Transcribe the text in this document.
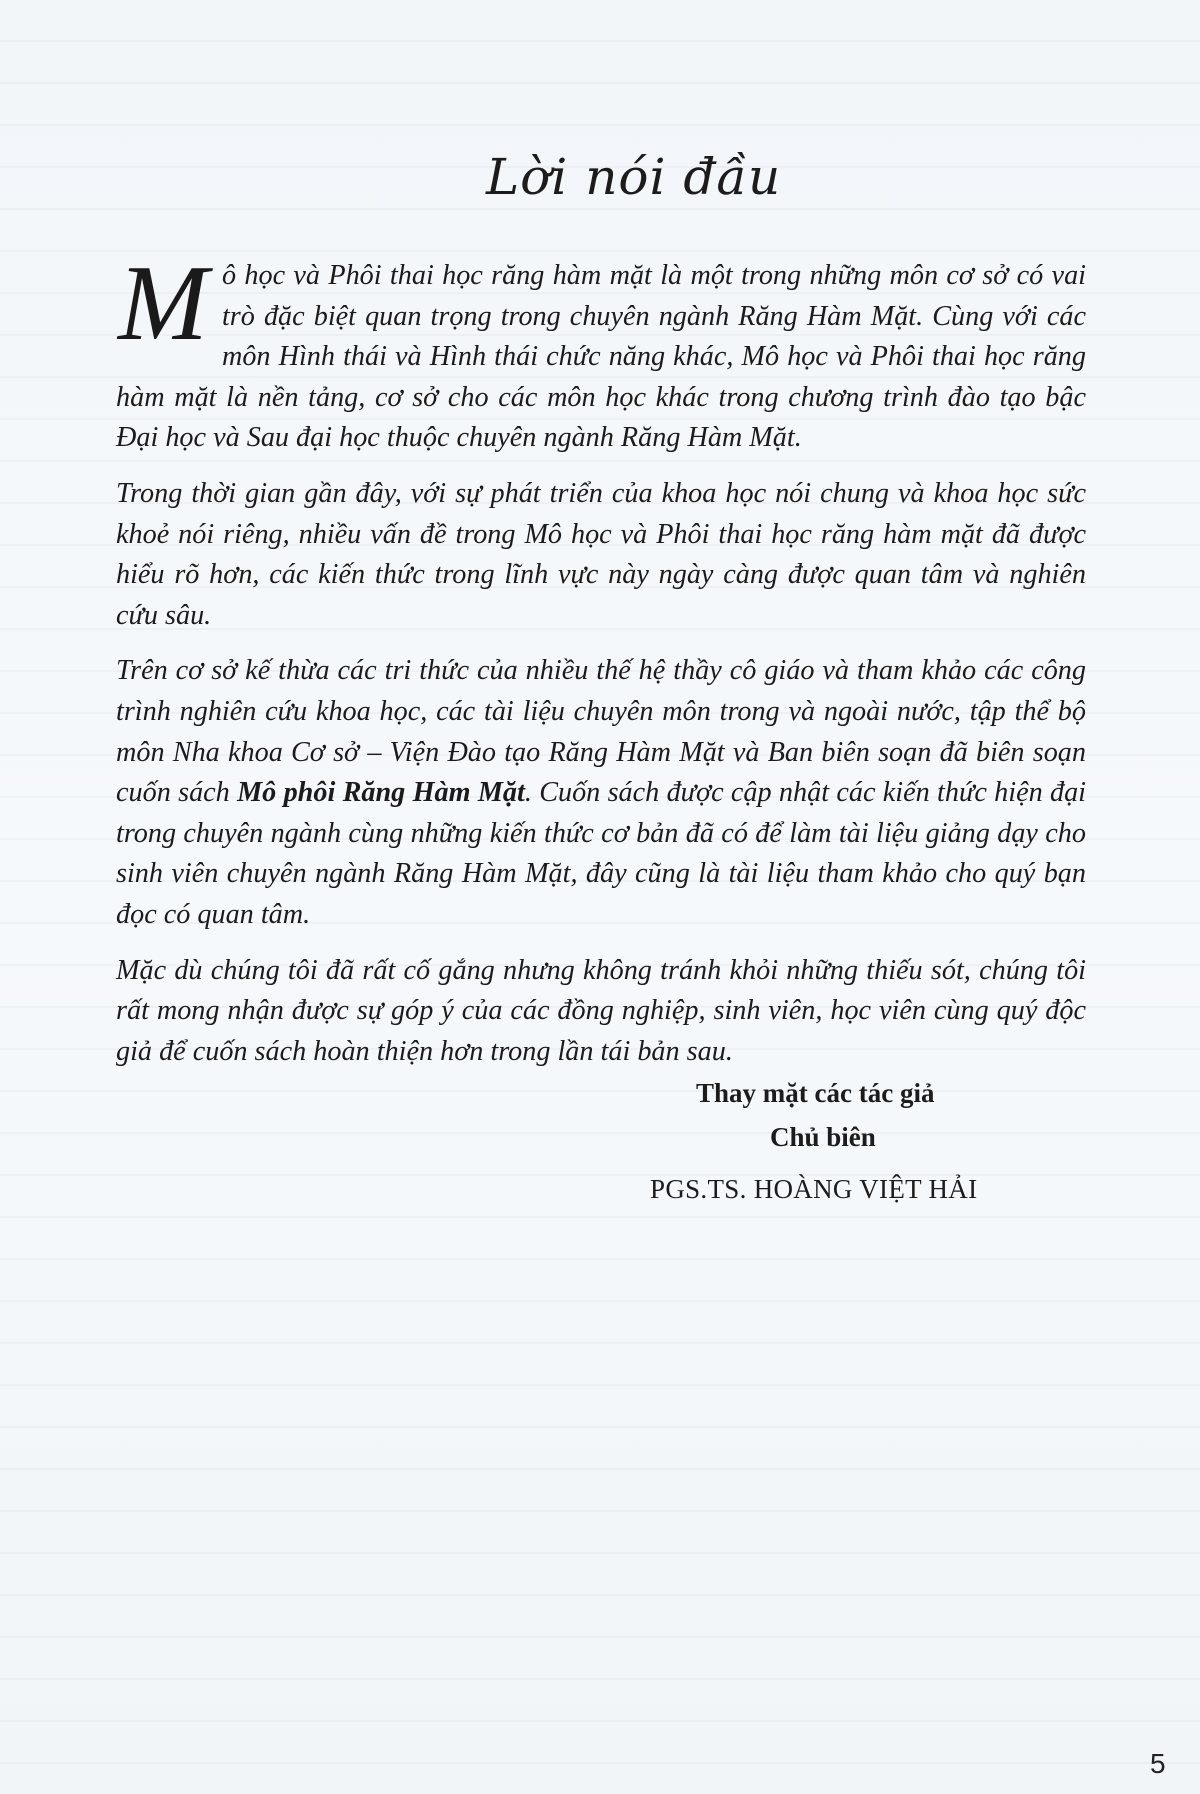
Lời nói đầu

Mô học và Phôi thai học răng hàm mặt là một trong những môn cơ sở có vai trò đặc biệt quan trọng trong chuyên ngành Răng Hàm Mặt. Cùng với các môn Hình thái và Hình thái chức năng khác, Mô học và Phôi thai học răng hàm mặt là nền tảng, cơ sở cho các môn học khác trong chương trình đào tạo bậc Đại học và Sau đại học thuộc chuyên ngành Răng Hàm Mặt.

Trong thời gian gần đây, với sự phát triển của khoa học nói chung và khoa học sức khoẻ nói riêng, nhiều vấn đề trong Mô học và Phôi thai học răng hàm mặt đã được hiểu rõ hơn, các kiến thức trong lĩnh vực này ngày càng được quan tâm và nghiên cứu sâu.

Trên cơ sở kế thừa các tri thức của nhiều thế hệ thầy cô giáo và tham khảo các công trình nghiên cứu khoa học, các tài liệu chuyên môn trong và ngoài nước, tập thể bộ môn Nha khoa Cơ sở – Viện Đào tạo Răng Hàm Mặt và Ban biên soạn đã biên soạn cuốn sách Mô phôi Răng Hàm Mặt. Cuốn sách được cập nhật các kiến thức hiện đại trong chuyên ngành cùng những kiến thức cơ bản đã có để làm tài liệu giảng dạy cho sinh viên chuyên ngành Răng Hàm Mặt, đây cũng là tài liệu tham khảo cho quý bạn đọc có quan tâm.

Mặc dù chúng tôi đã rất cố gắng nhưng không tránh khỏi những thiếu sót, chúng tôi rất mong nhận được sự góp ý của các đồng nghiệp, sinh viên, học viên cùng quý độc giả để cuốn sách hoàn thiện hơn trong lần tái bản sau.

Thay mặt các tác giả
Chủ biên
PGS.TS. HOÀNG VIỆT HẢI
5
